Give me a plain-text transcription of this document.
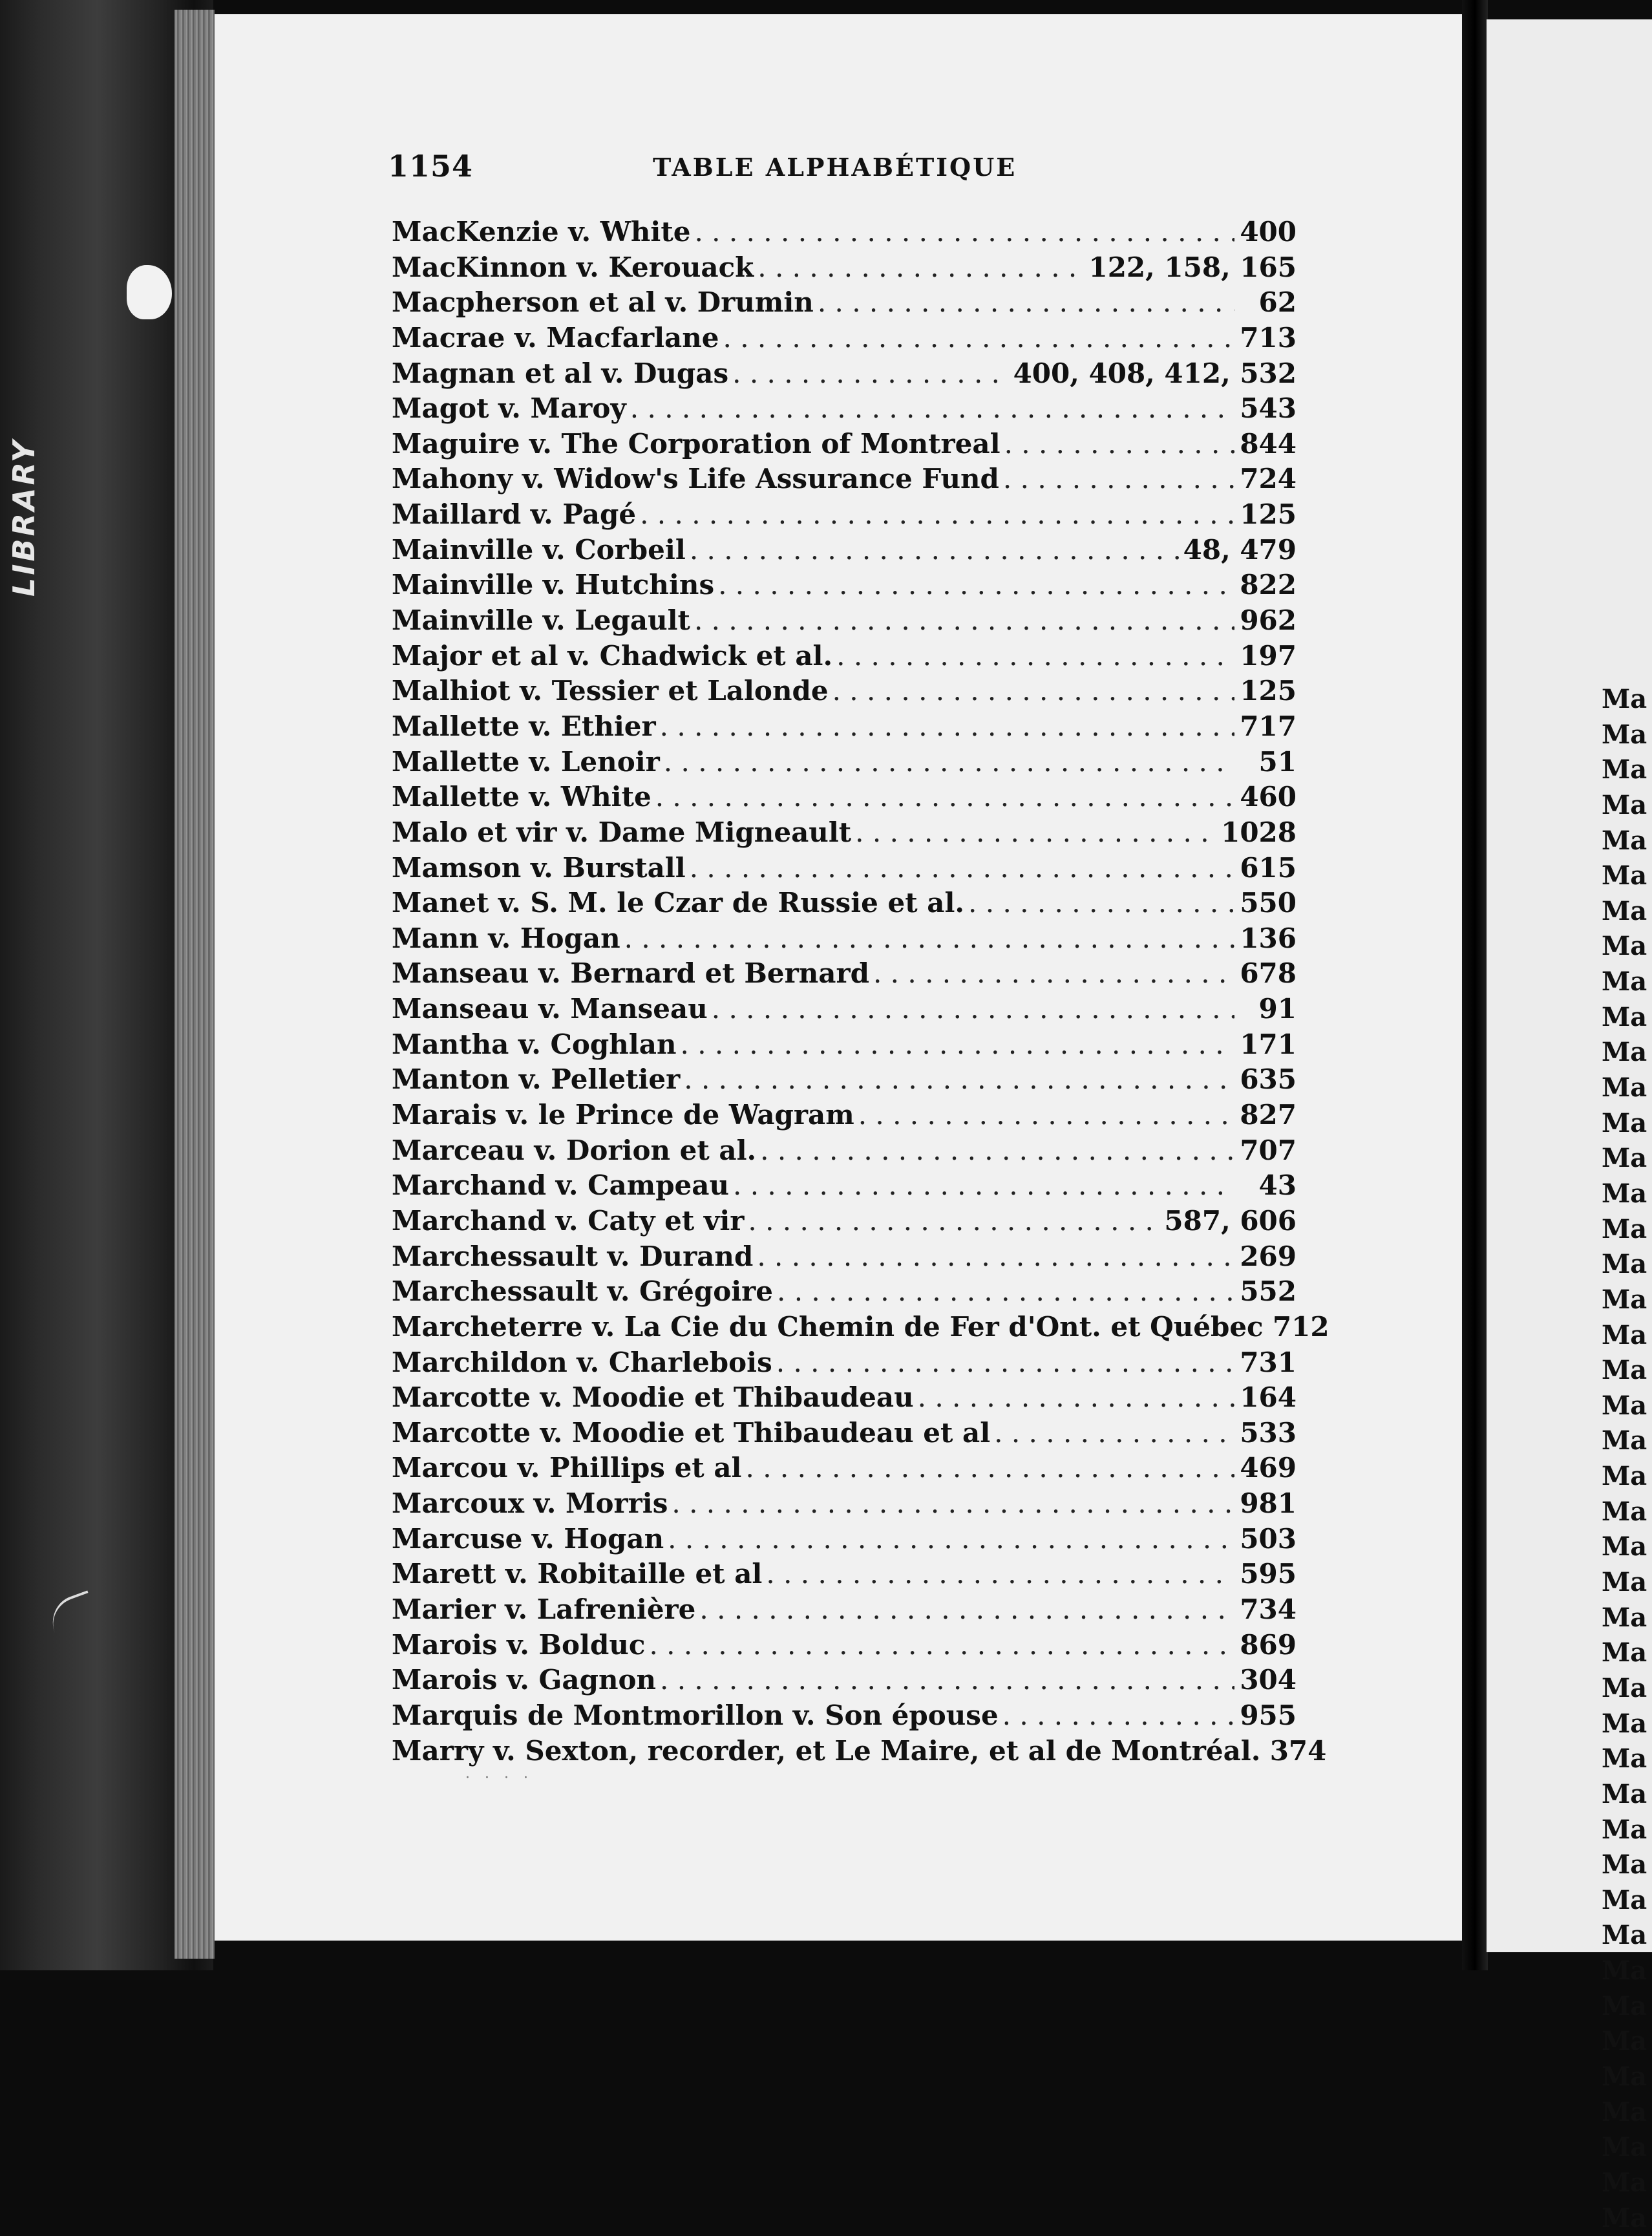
LIBRARY
Ma
Ma
Ma
Ma
Ma
Ma
Ma
Ma
Ma
Ma
Ma
Ma
Ma
Ma
Ma
Ma
Ma
Ma
Ma
Ma
Ma
Ma
Ma
Ma
Ma
Ma
Ma
Ma
Ma
Ma
Ma
Ma
Ma
Ma
Ma
Ma
Ma
Ma
Ma
Ma
Ma
Ma
Ma
Ma
1154	TABLE ALPHABÉTIQUE
MacKenzie v. White . . .	400
MacKinnon v. Kerouack . . .	122, 158, 165
Macpherson et al v. Drumin . . .	62
Macrae v. Macfarlane . . .	713
Magnan et al v. Dugas . . .	400, 408, 412, 532
Magot v. Maroy . . .	543
Maguire v. The Corporation of Montreal . . .	844
Mahony v. Widow's Life Assurance Fund . . .	724
Maillard v. Pagé . . .	125
Mainville v. Corbeil . . .	48, 479
Mainville v. Hutchins . . .	822
Mainville v. Legault . . .	962
Major et al v. Chadwick et al. . . .	197
Malhiot v. Tessier et Lalonde . . .	125
Mallette v. Ethier . . .	717
Mallette v. Lenoir . . .	51
Mallette v. White . . .	460
Malo et vir v. Dame Migneault . . .	1028
Mamson v. Burstall . . .	615
Manet v. S. M. le Czar de Russie et al. . . .	550
Mann v. Hogan . . .	136
Manseau v. Bernard et Bernard . . .	678
Manseau v. Manseau . . .	91
Mantha v. Coghlan . . .	171
Manton v. Pelletier . . .	635
Marais v. le Prince de Wagram . . .	827
Marceau v. Dorion et al. . . .	707
Marchand v. Campeau . . .	43
Marchand v. Caty et vir . . .	587, 606
Marchessault v. Durand . . .	269
Marchessault v. Grégoire . . .	552
Marcheterre v. La Cie du Chemin de Fer d'Ont. et Québec 712
Marchildon v. Charlebois . . .	731
Marcotte v. Moodie et Thibaudeau . . .	164
Marcotte v. Moodie et Thibaudeau et al . . .	533
Marcou v. Phillips et al . . .	469
Marcoux v. Morris . . .	981
Marcuse v. Hogan . . .	503
Marett v. Robitaille et al . . .	595
Marier v. Lafrenière . . .	734
Marois v. Bolduc . . .	869
Marois v. Gagnon . . .	304
Marquis de Montmorillon v. Son épouse . . .	955
Marry v. Sexton, recorder, et Le Maire, et al de Montréal. 374
· · · ·
